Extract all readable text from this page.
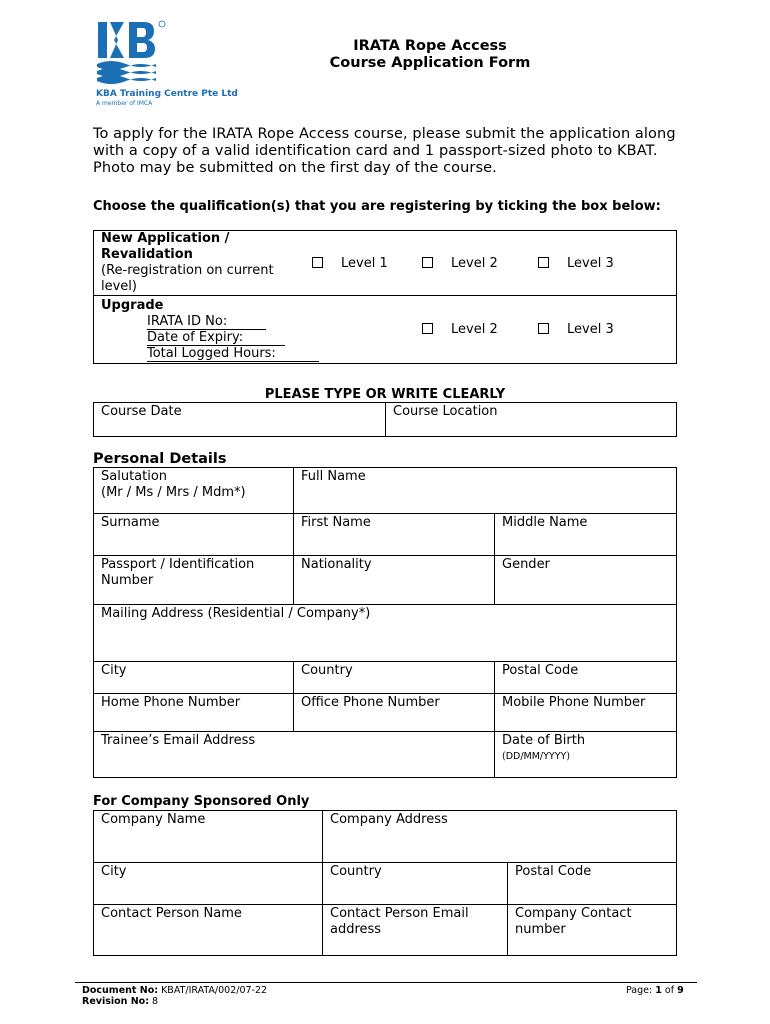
KBA Training Centre Pte Ltd
A member of IMCA
IRATA Rope Access
Course Application Form
To apply for the IRATA Rope Access course, please submit the application along with a copy of a valid identification card and 1 passport-sized photo to KBAT. Photo may be submitted on the first day of the course.
Choose the qualification(s) that you are registering by ticking the box below:
New Application / Revalidation
(Re-registration on current level)
Level 1	Level 2	Level 3
Upgrade
IRATA ID No:
Date of Expiry:
Total Logged Hours:
Level 2	Level 3
PLEASE TYPE OR WRITE CLEARLY
Course Date	Course Location
Personal Details
Salutation
(Mr / Ms / Mrs / Mdm*)	Full Name	
Surname	First Name	Middle Name
Passport / Identification Number	Nationality	Gender
Mailing Address (Residential / Company*)		
City	Country	Postal Code
Home Phone Number	Office Phone Number	Mobile Phone Number
Trainee’s Email Address		Date of Birth
(DD/MM/YYYY)
For Company Sponsored Only
Company Name	Company Address	
City	Country	Postal Code
Contact Person Name	Contact Person Email address	Company Contact number
Document No: KBAT/IRATA/002/07-22
Revision No: 8
Page: 1 of 9
